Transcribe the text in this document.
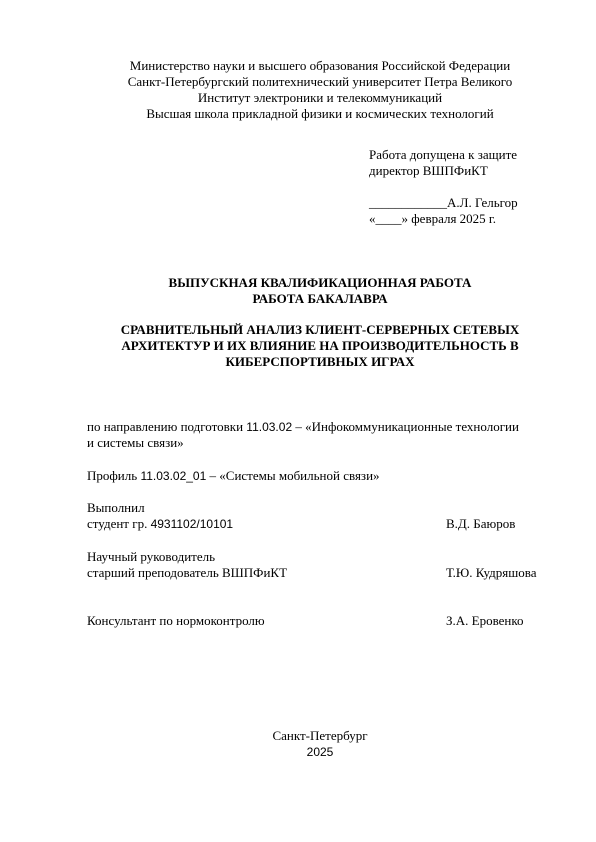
Министерство науки и высшего образования Российской Федерации
Санкт-Петербургский политехнический университет Петра Великого
Институт электроники и телекоммуникаций
Высшая школа прикладной физики и космических технологий
Работа допущена к защите
директор ВШПФиКТ
____________А.Л. Гельгор
«____» февраля 2025 г.
ВЫПУСКНАЯ КВАЛИФИКАЦИОННАЯ РАБОТА
РАБОТА БАКАЛАВРА
СРАВНИТЕЛЬНЫЙ АНАЛИЗ КЛИЕНТ-СЕРВЕРНЫХ СЕТЕВЫХ
АРХИТЕКТУР И ИХ ВЛИЯНИЕ НА ПРОИЗВОДИТЕЛЬНОСТЬ В
КИБЕРСПОРТИВНЫХ ИГРАХ
по направлению подготовки 11.03.02 – «Инфокоммуникационные технологии
и системы связи»
Профиль 11.03.02_01 – «Системы мобильной связи»
Выполнил
студент гр. 4931102/10101	В.Д. Баюров
Научный руководитель
старший преподователь ВШПФиКТ	Т.Ю. Кудряшова
Консультант по нормоконтролю	З.А. Еровенко
Санкт-Петербург
2025
